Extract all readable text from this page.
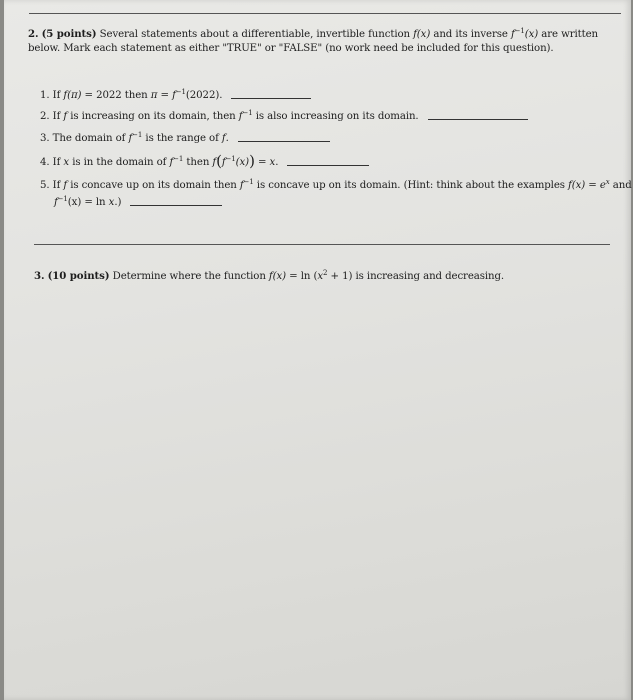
2. (5 points) Several statements about a differentiable, invertible function f(x) and its inverse $f^{-1}(x)$ are written
below. Mark each statement as either "TRUE" or "FALSE" (no work need be included for this question).
1. If f(π) = 2022 then $\pi = f^{-1}(2022)$.
2. If f is increasing on its domain, then $f^{-1}$ is also increasing on its domain.
3. The domain of $f^{-1}$ is the range of f.
4. If x is in the domain of $f^{-1}$ then $f(f^{-1}(x)) = x$.
5. If f is concave up on its domain then $f^{-1}$ is concave up on its domain. (Hint: think about the examples $f(x) = e^x$ and
$f^{-1}(x) = \ln x$.)
3. (10 points) Determine where the function $f(x) = \ln (x^2 + 1)$ is increasing and decreasing.
